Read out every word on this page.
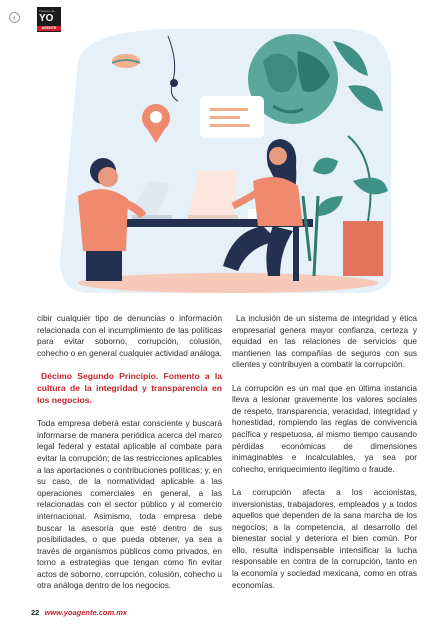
‹
Tiempo de
YO
AGENTE

cibir cualquier tipo de denuncias o información relacionada con el incumplimiento de las políticas para evitar soborno, corrupción, colusión, cohecho o en general cualquier actividad análoga.

Décimo Segundo Principio. Fomento a la cultura de la integridad y transparencia en los negocios.

Toda empresa deberá estar consciente y buscará informarse de manera periódica acerca del marco legal federal y estatal aplicable al combate para evitar la corrupción; de las restricciones aplicables a las aportaciones o contribuciones políticas; y, en su caso, de la normatividad aplicable a las operaciones comerciales en general, a las relacionadas con el sector público y al comercio internacional. Asimismo, toda empresa debe buscar la asesoría que esté dentro de sus posibilidades, o que pueda obtener, ya sea a través de organismos públicos como privados, en torno a estrategias que tengan como fin evitar actos de soborno, corrupción, colusión, cohecho u otra análoga dentro de los negocios.

La inclusión de un sistema de integridad y ética empresarial genera mayor confianza, certeza y equidad en las relaciones de servicios que mantienen las compañías de seguros con sus clientes y contribuyen a combatir la corrupción.

La corrupción es un mal que en última instancia lleva a lesionar gravemente los valores sociales de respeto, transparencia, veracidad, integridad y honestidad, rompiendo las reglas de convivencia pacífica y respetuosa, al mismo tiempo causando pérdidas económicas de dimensiones inimaginables e incalculables, ya sea por cohecho, enriquecimiento ilegítimo o fraude.

La corrupción afecta a los accionistas, inversionistas, trabajadores, empleados y a todos aquellos que dependen de la sana marcha de los negocios; a la competencia, al desarrollo del bienestar social y deteriora el bien común. Por ello, resulta indispensable intensificar la lucha responsable en contra de la corrupción, tanto en la economía y sociedad mexicana, como en otras economías.

22 www.yoagente.com.mx
